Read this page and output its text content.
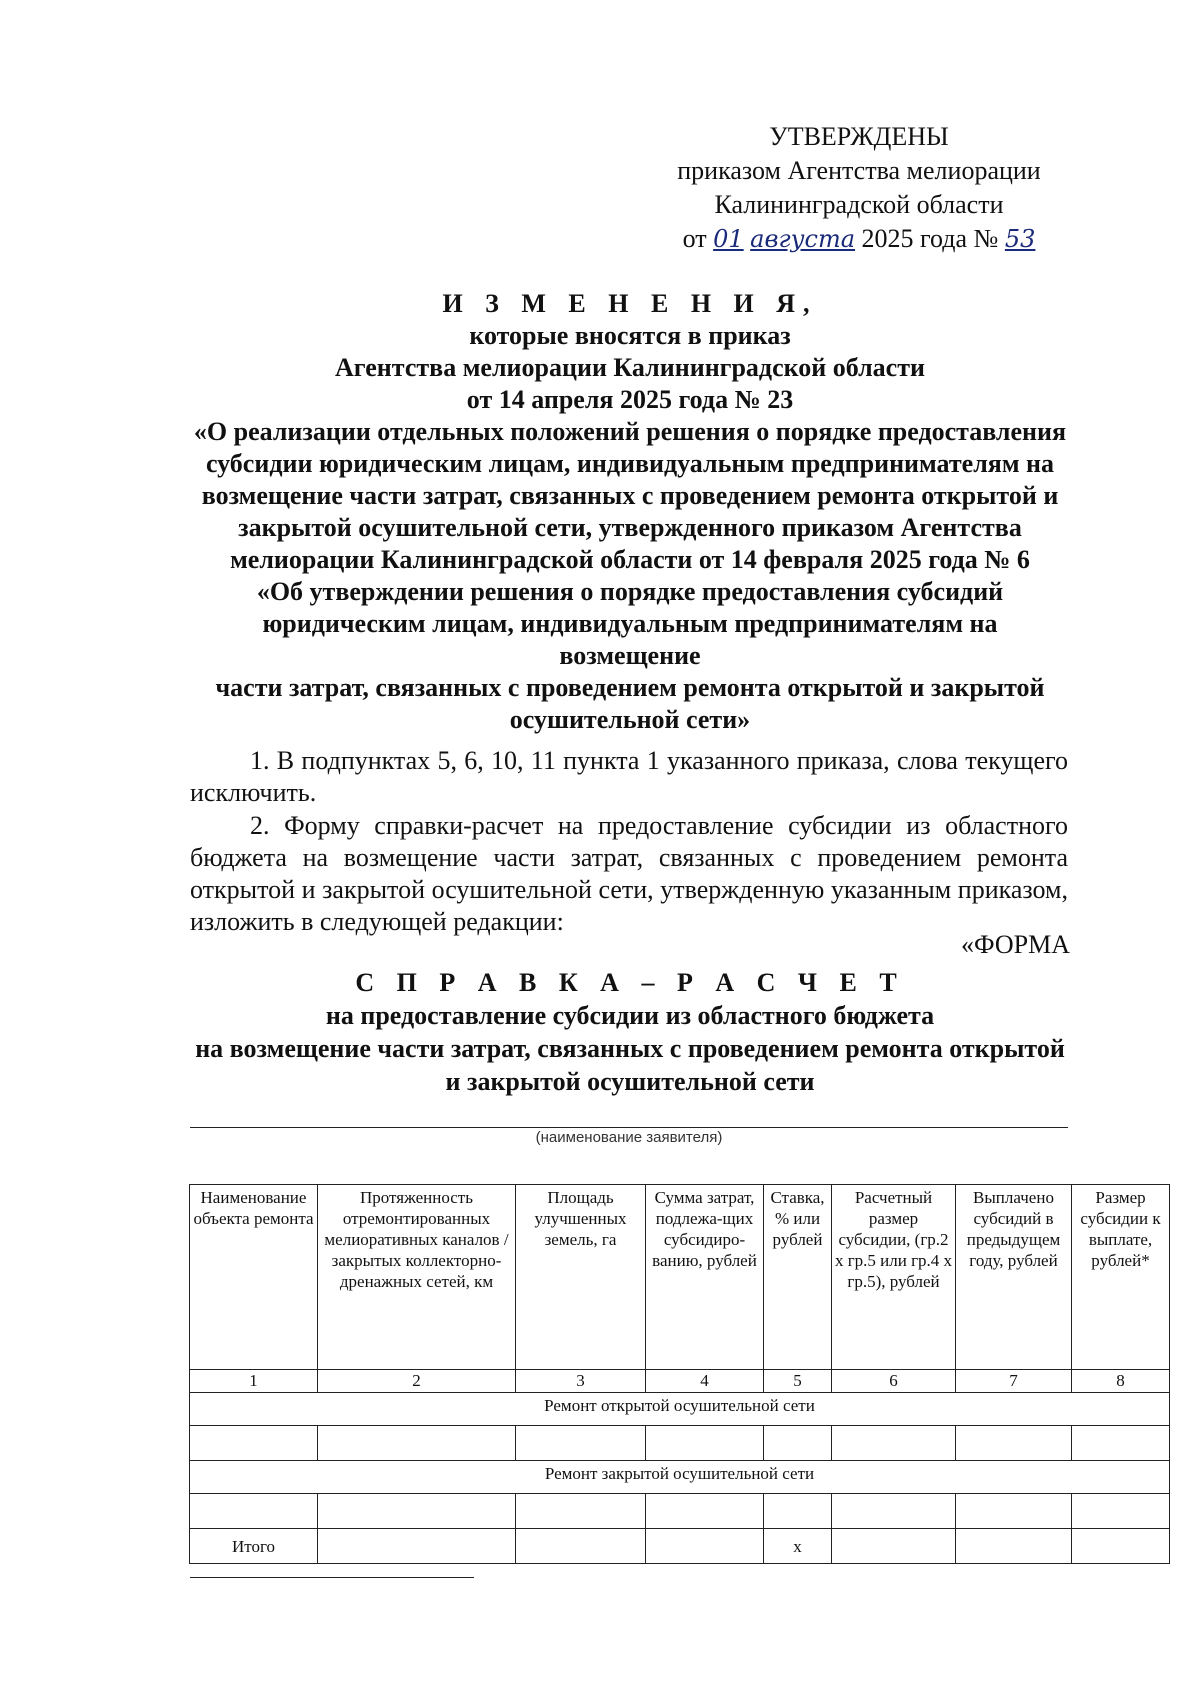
УТВЕРЖДЕНЫ
приказом Агентства мелиорации
Калининградской области
от 01 августа 2025 года № 53
И З М Е Н Е Н И Я,
которые вносятся в приказ
Агентства мелиорации Калининградской области
от 14 апреля 2025 года № 23
«О реализации отдельных положений решения о порядке предоставления
субсидии юридическим лицам, индивидуальным предпринимателям на
возмещение части затрат, связанных с проведением ремонта открытой и
закрытой осушительной сети, утвержденного приказом Агентства
мелиорации Калининградской области от 14 февраля 2025 года № 6
«Об утверждении решения о порядке предоставления субсидий
юридическим лицам, индивидуальным предпринимателям на возмещение
части затрат, связанных с проведением ремонта открытой и закрытой
осушительной сети»
1. В подпунктах 5, 6, 10, 11 пункта 1 указанного приказа, слова текущего исключить.
2. Форму справки-расчет на предоставление субсидии из областного бюджета на возмещение части затрат, связанных с проведением ремонта открытой и закрытой осушительной сети, утвержденную указанным приказом, изложить в следующей редакции:
«ФОРМА
С П Р А В К А – Р А С Ч Е Т
на предоставление субсидии из областного бюджета
на возмещение части затрат, связанных с проведением ремонта открытой
и закрытой осушительной сети
(наименование заявителя)
Наименование объекта ремонта	Протяженность отремонтированных мелиоративных каналов / закрытых коллекторно-дренажных сетей, км	Площадь улучшенных земель, га	Сумма затрат, подлежа-щих субсидиро-ванию, рублей	Ставка, % или рублей	Расчетный размер субсидии, (гр.2 x гр.5 или гр.4 x гр.5), рублей	Выплачено субсидий в предыдущем году, рублей	Размер субсидии к выплате, рублей*
1	2	3	4	5	6	7	8
Ремонт открытой осушительной сети							

Ремонт закрытой осушительной сети							

Итого				x			
